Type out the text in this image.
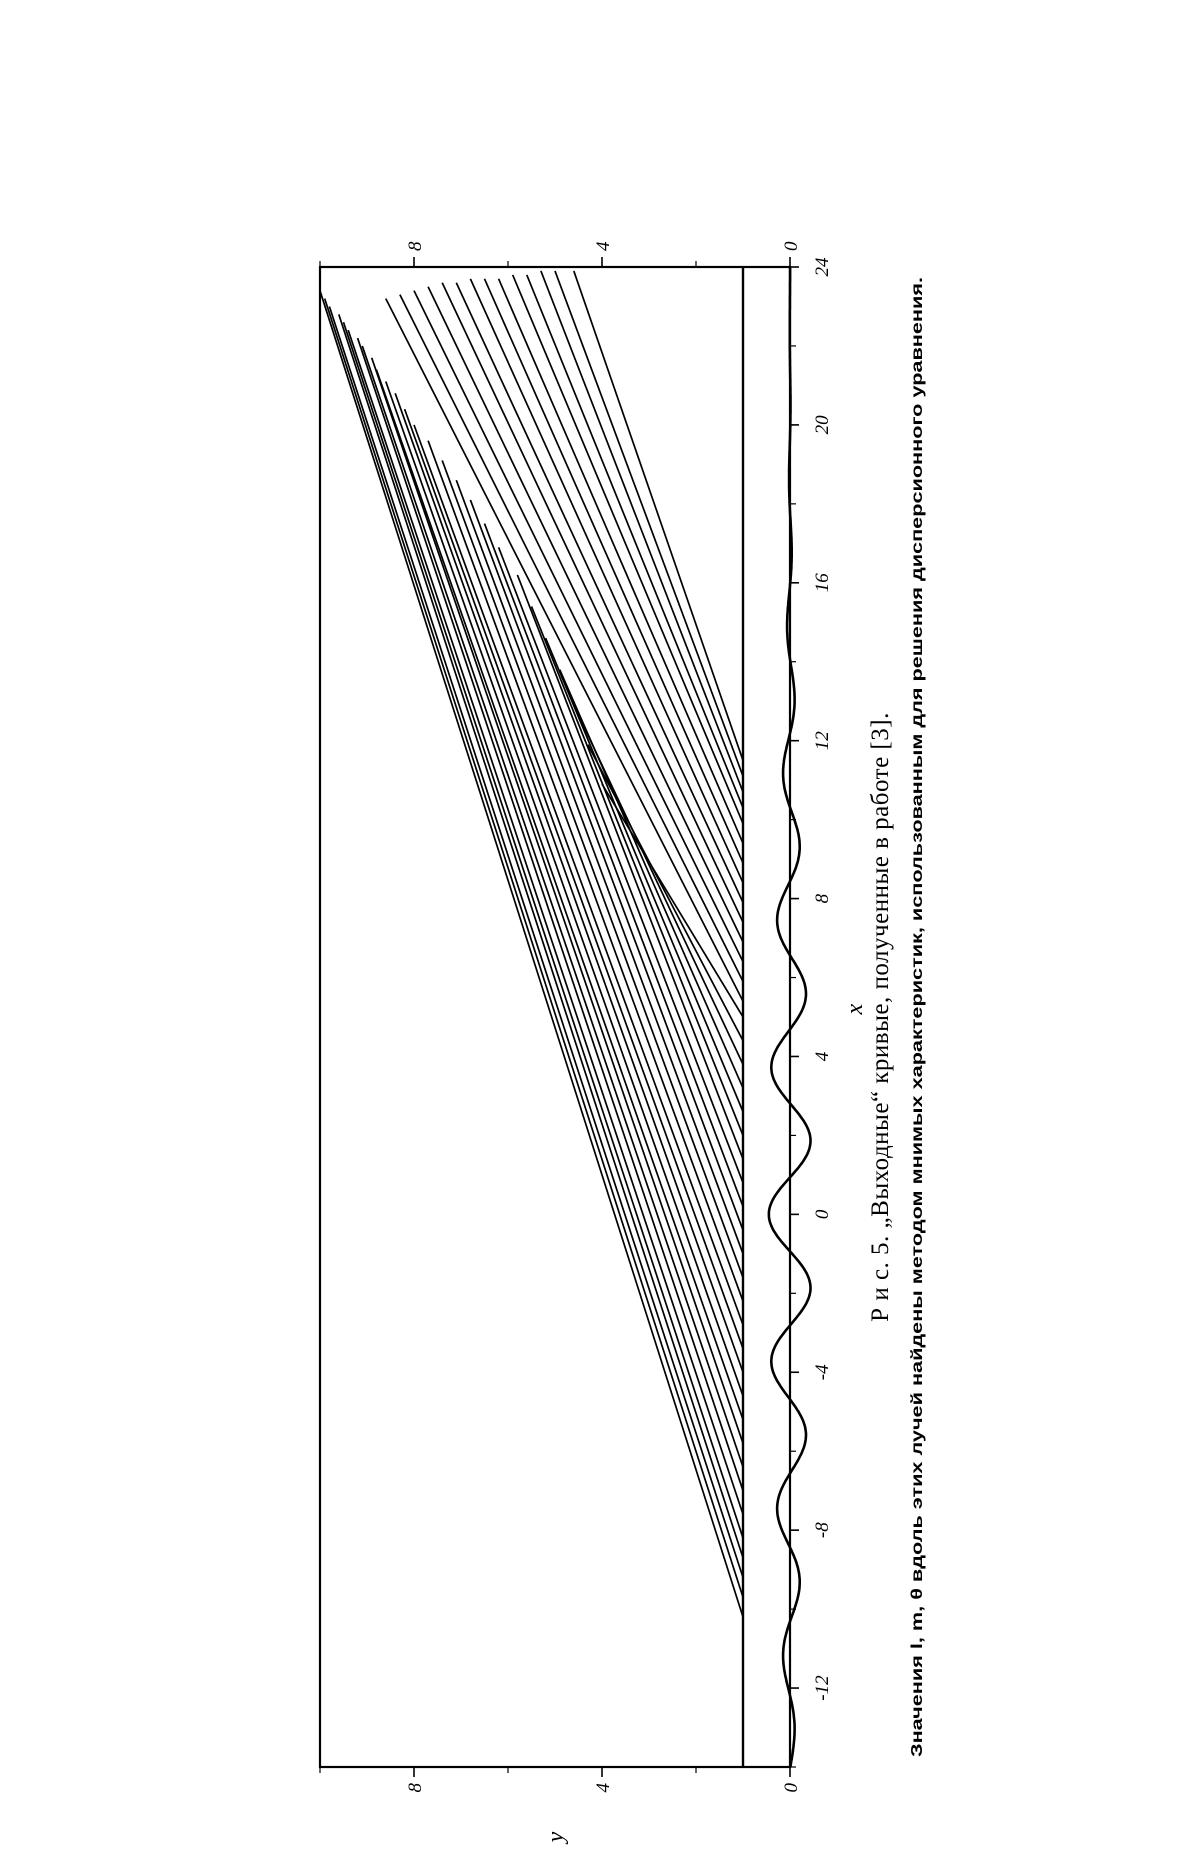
-12
-8
-4
0
4
8
12
16
20
24
x
0
4
8
y
0
4
8
Р и с. 5. „Выходные“ кривые, полученные в работе [3]. Значения l, m, θ вдоль этих лучей найдены методом мнимых характеристик, использованным для решения дисперсионного уравнения.
